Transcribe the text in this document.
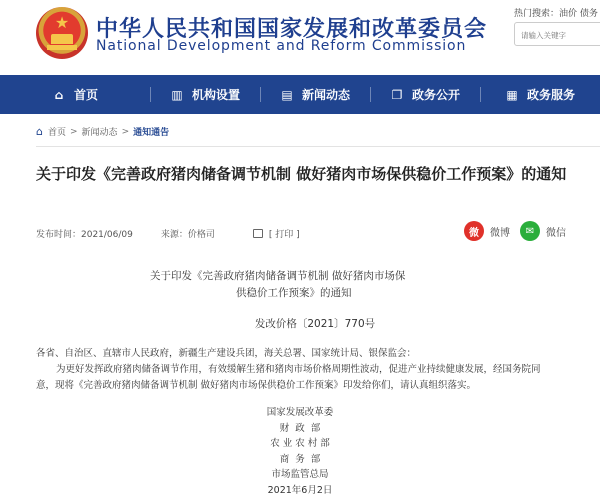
★	中华人民共和国国家发展和改革委员会
National Development and Reform Commission
热门搜索：油价 债务
请输入关键字
⌂ 首页	▥ 机构设置	▤ 新闻动态	❐ 政务公开	▦ 政务服务
⌂ 首页 > 新闻动态 > 通知通告
关于印发《完善政府猪肉储备调节机制 做好猪肉市场保供稳价工作预案》的通知
发布时间：2021/06/09	来源：价格司	[ 打印 ]	微	微博	✉	微信
关于印发《完善政府猪肉储备调节机制 做好猪肉市场保
供稳价工作预案》的通知
发改价格〔2021〕770号
各省、自治区、直辖市人民政府，新疆生产建设兵团，海关总署、国家统计局、银保监会：
为更好发挥政府猪肉储备调节作用，有效缓解生猪和猪肉市场价格周期性波动，促进产业持续健康发展，经国务院同
意，现将《完善政府猪肉储备调节机制 做好猪肉市场保供稳价工作预案》印发给你们，请认真组织落实。
国家发展改革委
财  政  部
农 业 农 村 部
商  务  部
市场监管总局
2021年6月2日
